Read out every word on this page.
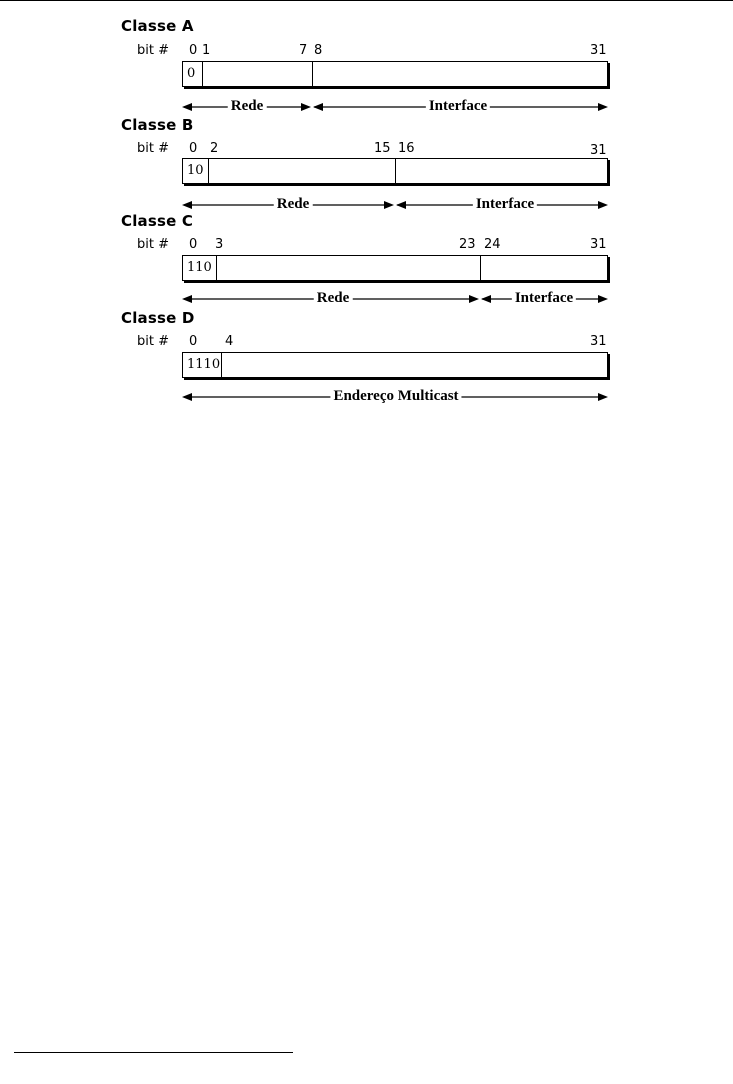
Classe A
bit # 0 1	7 8	31
0
Rede	Interface
Classe B
bit # 0 2	15 16	31
10
Rede	Interface
Classe C
bit # 0 3	23 24	31
110
Rede	Interface
Classe D
bit # 0 4	31
1110
Endereço Multicast
